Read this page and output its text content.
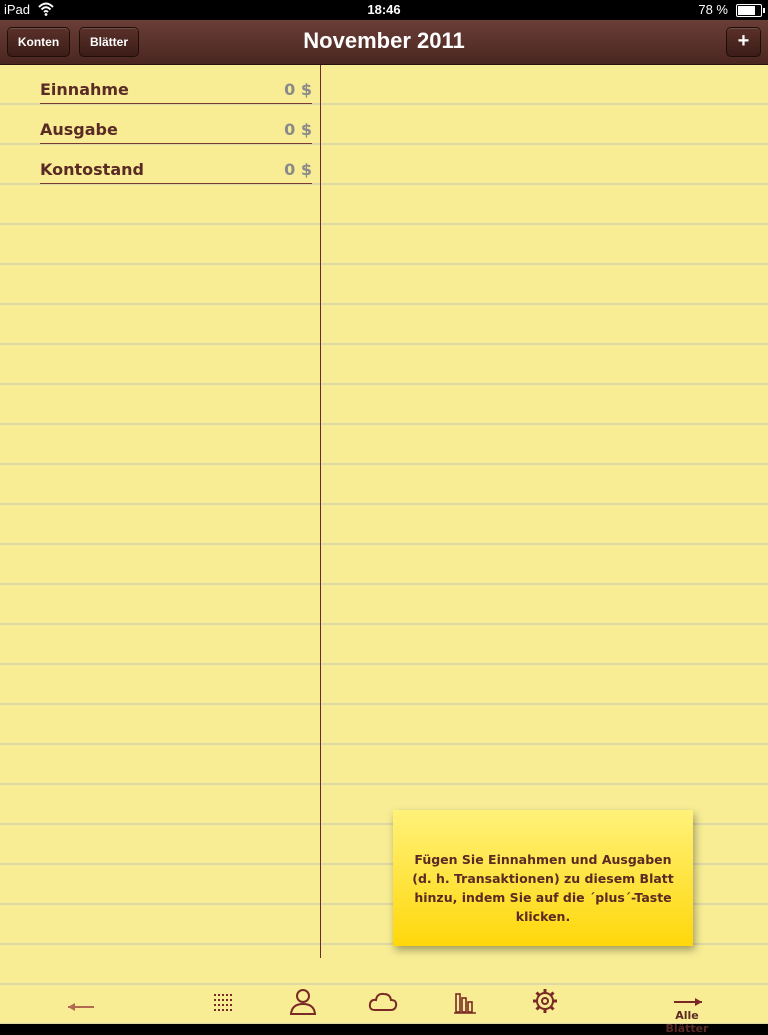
iPad	18:46	78 %
Konten	Blätter	November 2011	+
Einnahme	0 $
Ausgabe	0 $
Kontostand	0 $
Fügen Sie Einnahmen und Ausgaben (d. h. Transaktionen) zu diesem Blatt hinzu, indem Sie auf die ´plus´-Taste klicken.
Alle Blätter
